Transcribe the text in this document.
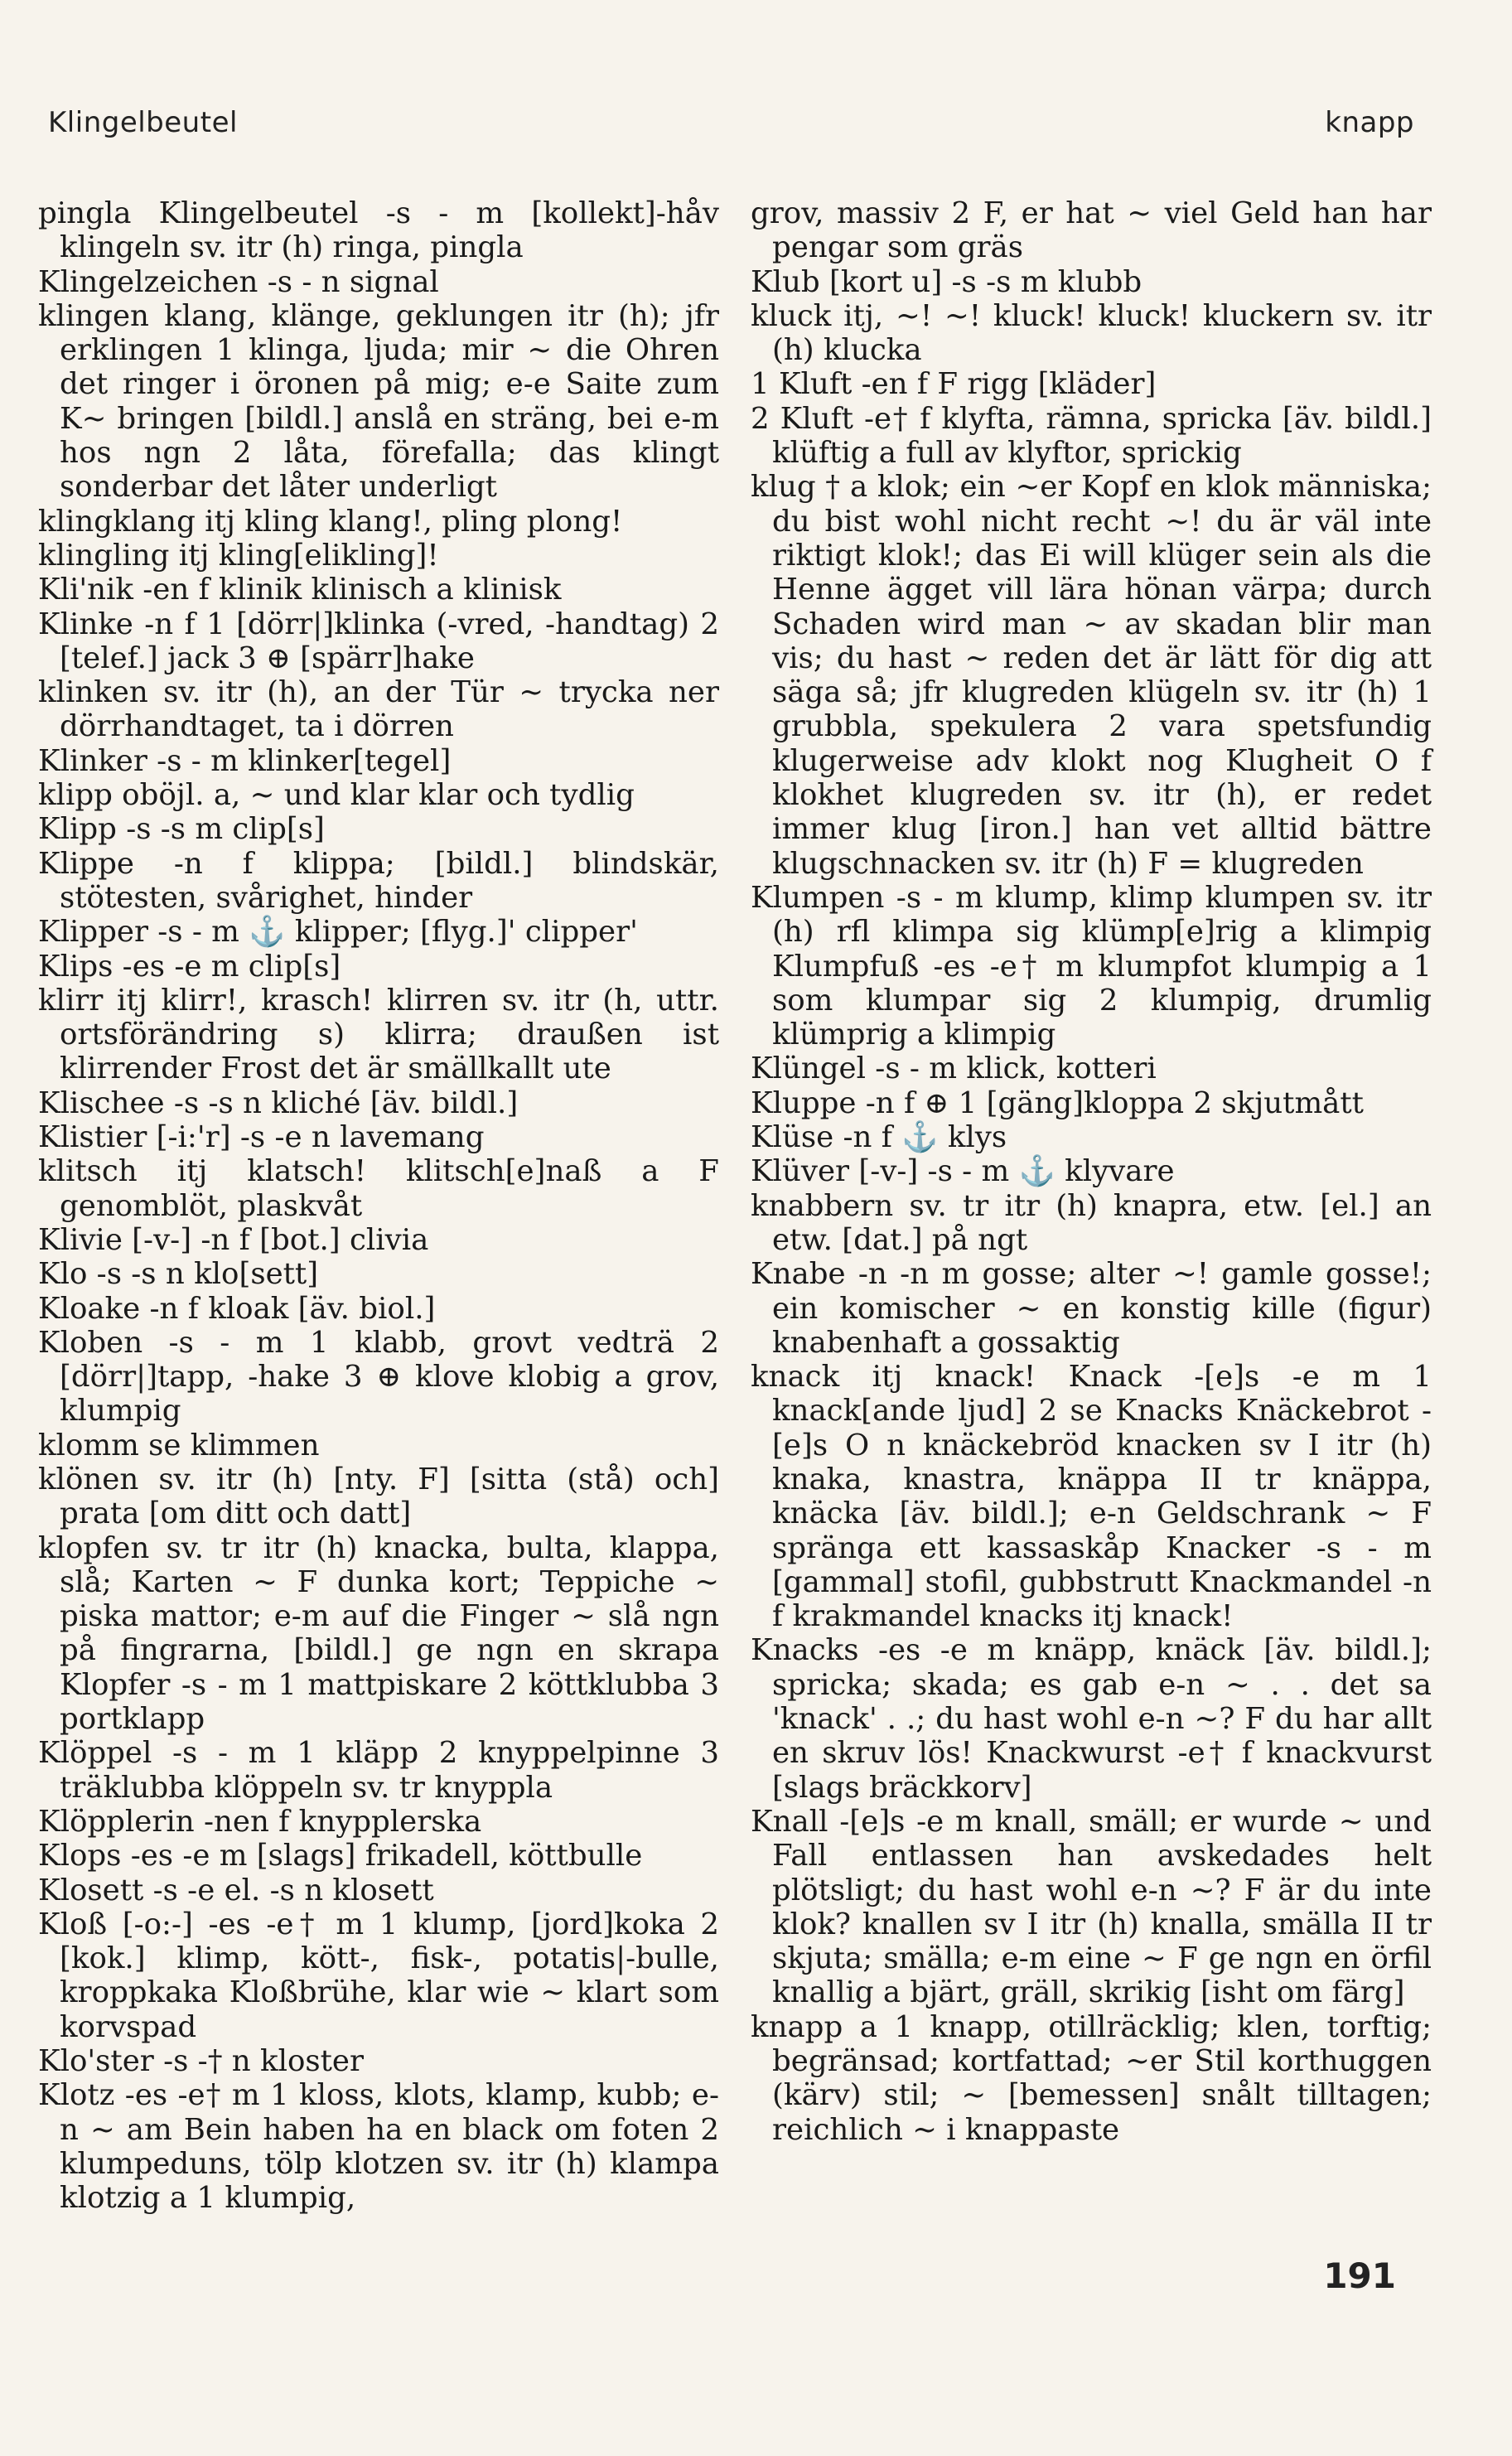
Klingelbeutel	knapp

pingla Klingelbeutel -s - m [kollekt]-håv klingeln sv. itr (h) ringa, pingla

Klingelzeichen -s - n signal

klingen klang, klänge, geklungen itr (h); jfr erklingen 1 klinga, ljuda; mir ~ die Ohren det ringer i öronen på mig; e-e Saite zum K~ bringen [bildl.] anslå en sträng, bei e-m hos ngn 2 låta, förefalla; das klingt sonderbar det låter underligt

klingklang itj kling klang!, pling plong!

klingling itj kling[elikling]!

Kli'nik -en f klinik klinisch a klinisk

Klinke -n f 1 [dörr|]klinka (-vred, -handtag) 2 [telef.] jack 3 ⊕ [spärr]hake

klinken sv. itr (h), an der Tür ~ trycka ner dörrhandtaget, ta i dörren

Klinker -s - m klinker[tegel]

klipp oböjl. a, ~ und klar klar och tydlig

Klipp -s -s m clip[s]

Klippe -n f klippa; [bildl.] blindskär, stötesten, svårighet, hinder

Klipper -s - m ⚓ klipper; [flyg.]' clipper'

Klips -es -e m clip[s]

klirr itj klirr!, krasch! klirren sv. itr (h, uttr. ortsförändring s) klirra; draußen ist klirrender Frost det är smällkallt ute

Klischee -s -s n kliché [äv. bildl.]

Klistier [-i:'r] -s -e n lavemang

klitsch itj klatsch! klitsch[e]naß a F genomblöt, plaskvåt

Klivie [-v-] -n f [bot.] clivia

Klo -s -s n klo[sett]

Kloake -n f kloak [äv. biol.]

Kloben -s - m 1 klabb, grovt vedträ 2 [dörr|]tapp, -hake 3 ⊕ klove klobig a grov, klumpig

klomm se klimmen

klönen sv. itr (h) [nty. F] [sitta (stå) och] prata [om ditt och datt]

klopfen sv. tr itr (h) knacka, bulta, klappa, slå; Karten ~ F dunka kort; Teppiche ~ piska mattor; e-m auf die Finger ~ slå ngn på fingrarna, [bildl.] ge ngn en skrapa Klopfer -s - m 1 mattpiskare 2 köttklubba 3 portklapp

Klöppel -s - m 1 kläpp 2 knyppelpinne 3 träklubba klöppeln sv. tr knyppla

Klöpplerin -nen f knypplerska

Klops -es -e m [slags] frikadell, köttbulle

Klosett -s -e el. -s n klosett

Kloß [-o:-] -es -e† m 1 klump, [jord]koka 2 [kok.] klimp, kött-, fisk-, potatis|-bulle, kroppkaka Kloßbrühe, klar wie ~ klart som korvspad

Klo'ster -s -† n kloster

Klotz -es -e† m 1 kloss, klots, klamp, kubb; e-n ~ am Bein haben ha en black om foten 2 klumpeduns, tölp klotzen sv. itr (h) klampa klotzig a 1 klumpig,

grov, massiv 2 F, er hat ~ viel Geld han har pengar som gräs

Klub [kort u] -s -s m klubb

kluck itj, ~! ~! kluck! kluck! kluckern sv. itr (h) klucka

1 Kluft -en f F rigg [kläder]

2 Kluft -e† f klyfta, rämna, spricka [äv. bildl.] klüftig a full av klyftor, sprickig

klug † a klok; ein ~er Kopf en klok människa; du bist wohl nicht recht ~! du är väl inte riktigt klok!; das Ei will klüger sein als die Henne ägget vill lära hönan värpa; durch Schaden wird man ~ av skadan blir man vis; du hast ~ reden det är lätt för dig att säga så; jfr klugreden klügeln sv. itr (h) 1 grubbla, spekulera 2 vara spetsfundig klugerweise adv klokt nog Klugheit O f klokhet klugreden sv. itr (h), er redet immer klug [iron.] han vet alltid bättre klugschnacken sv. itr (h) F = klugreden

Klumpen -s - m klump, klimp klumpen sv. itr (h) rfl klimpa sig klümp[e]rig a klimpig Klumpfuß -es -e† m klumpfot klumpig a 1 som klumpar sig 2 klumpig, drumlig klümprig a klimpig

Klüngel -s - m klick, kotteri

Kluppe -n f ⊕ 1 [gäng]kloppa 2 skjutmått

Klüse -n f ⚓ klys

Klüver [-v-] -s - m ⚓ klyvare

knabbern sv. tr itr (h) knapra, etw. [el.] an etw. [dat.] på ngt

Knabe -n -n m gosse; alter ~! gamle gosse!; ein komischer ~ en konstig kille (figur) knabenhaft a gossaktig

knack itj knack! Knack -[e]s -e m 1 knack[ande ljud] 2 se Knacks Knäckebrot -[e]s O n knäckebröd knacken sv I itr (h) knaka, knastra, knäppa II tr knäppa, knäcka [äv. bildl.]; e-n Geldschrank ~ F spränga ett kassaskåp Knacker -s - m [gammal] stofil, gubbstrutt Knackmandel -n f krakmandel knacks itj knack!

Knacks -es -e m knäpp, knäck [äv. bildl.]; spricka; skada; es gab e-n ~ . . det sa 'knack' . .; du hast wohl e-n ~? F du har allt en skruv lös! Knackwurst -e† f knackvurst [slags bräckkorv]

Knall -[e]s -e m knall, smäll; er wurde ~ und Fall entlassen han avskedades helt plötsligt; du hast wohl e-n ~? F är du inte klok? knallen sv I itr (h) knalla, smälla II tr skjuta; smälla; e-m eine ~ F ge ngn en örfil knallig a bjärt, gräll, skrikig [isht om färg]

knapp a 1 knapp, otillräcklig; klen, torftig; begränsad; kortfattad; ~er Stil korthuggen (kärv) stil; ~ [bemessen] snålt tilltagen; reichlich ~ i knappaste

191
